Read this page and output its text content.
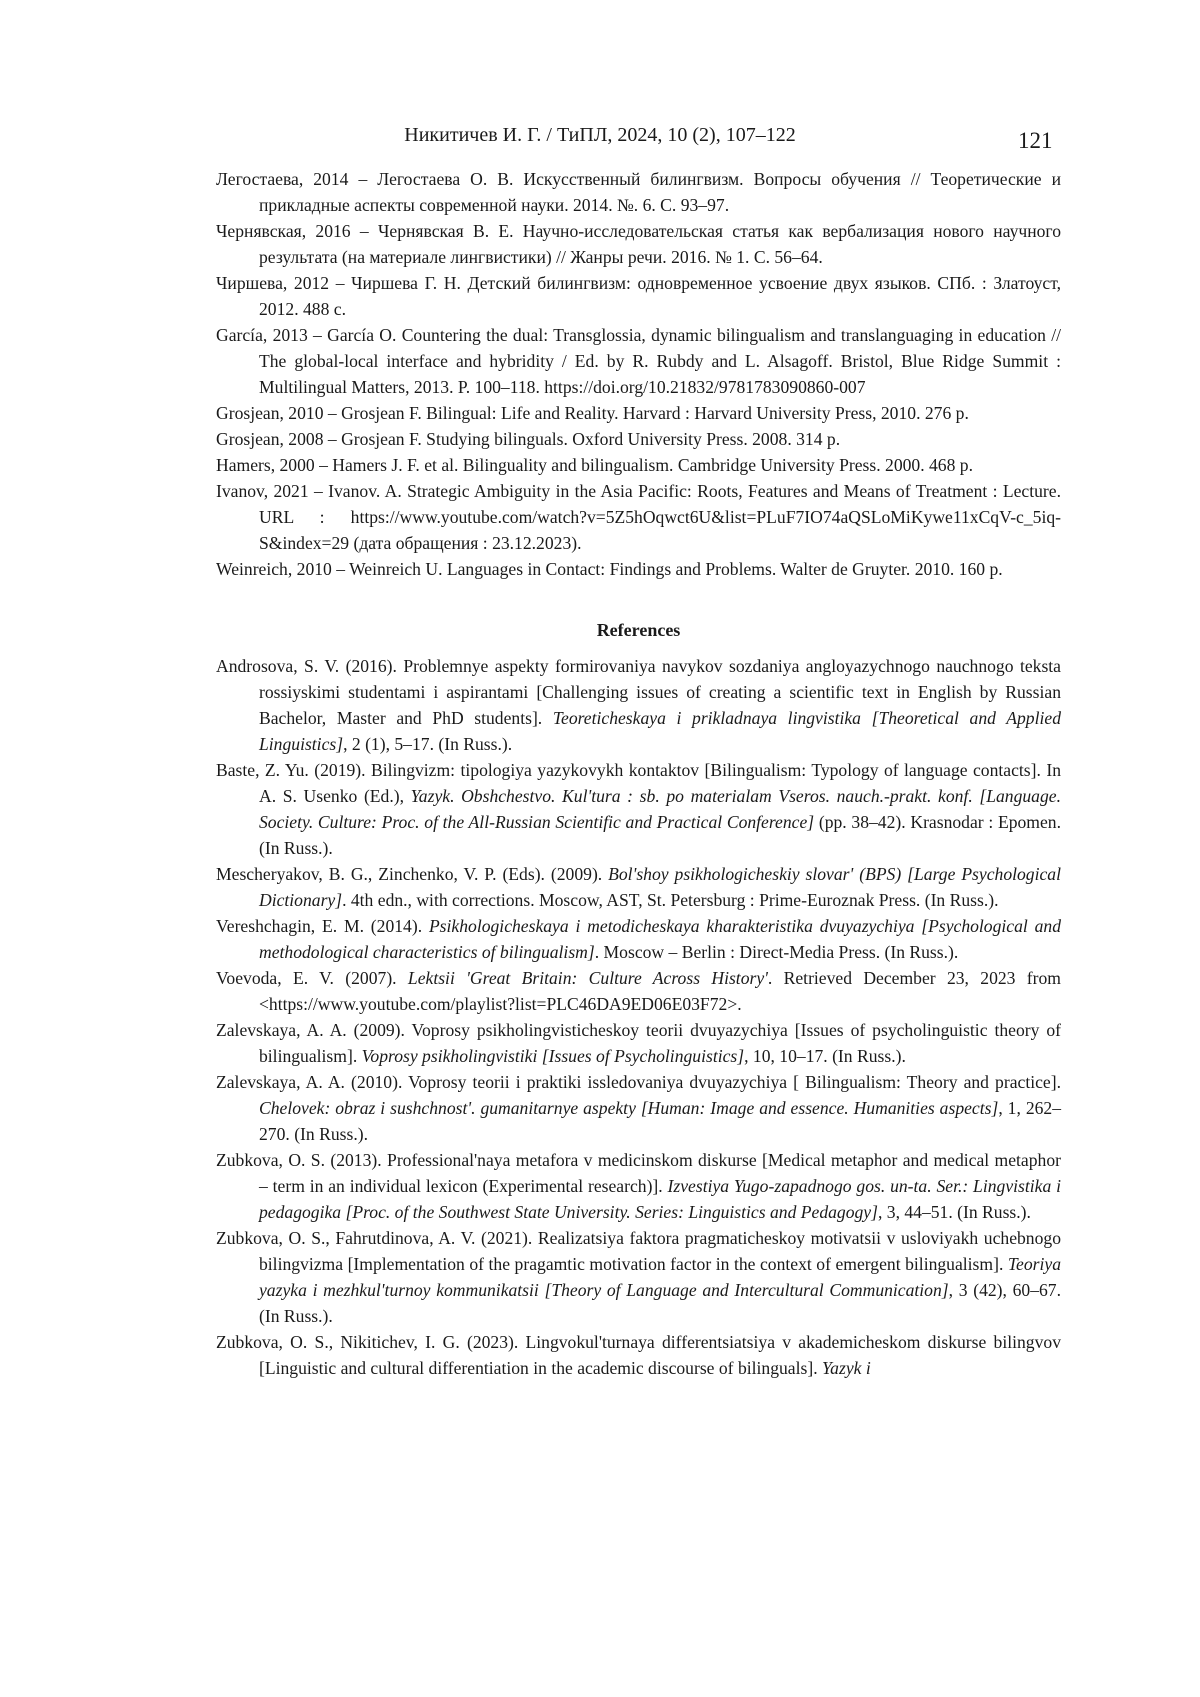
Никитичев И. Г. / ТиПЛ, 2024, 10 (2), 107–122	121

Легостаева, 2014 – Легостаева О. В. Искусственный билингвизм. Вопросы обучения // Теоретические и прикладные аспекты современной науки. 2014. №. 6. С. 93–97.

Чернявская, 2016 – Чернявская В. Е. Научно-исследовательская статья как вербализация нового научного результата (на материале лингвистики) // Жанры речи. 2016. № 1. С. 56–64.

Чиршева, 2012 – Чиршева Г. Н. Детский билингвизм: одновременное усвоение двух языков. СПб. : Златоуст, 2012. 488 с.

García, 2013 – García O. Countering the dual: Transglossia, dynamic bilingualism and translanguaging in education // The global-local interface and hybridity / Ed. by R. Rubdy and L. Alsagoff. Bristol, Blue Ridge Summit : Multilingual Matters, 2013. P. 100–118. https://doi.org/10.21832/9781783090860-007

Grosjean, 2010 – Grosjean F. Bilingual: Life and Reality. Harvard : Harvard University Press, 2010. 276 p.

Grosjean, 2008 – Grosjean F. Studying bilinguals. Oxford University Press. 2008. 314 p.

Hamers, 2000 – Hamers J. F. et al. Bilinguality and bilingualism. Cambridge University Press. 2000. 468 p.

Ivanov, 2021 – Ivanov. A. Strategic Ambiguity in the Asia Pacific: Roots, Features and Means of Treatment : Lecture. URL : https://www.youtube.com/watch?v=5Z5hOqwct6U&list=PLuF7IO74aQSLoMiKywe11xCqV-c_5iq-S&index=29 (дата обращения : 23.12.2023).

Weinreich, 2010 – Weinreich U. Languages in Contact: Findings and Problems. Walter de Gruyter. 2010. 160 p.

References

Androsova, S. V. (2016). Problemnye aspekty formirovaniya navykov sozdaniya angloyazychnogo nauchnogo teksta rossiyskimi studentami i aspirantami [Challenging issues of creating a scientific text in English by Russian Bachelor, Master and PhD students]. Teoreticheskaya i prikladnaya lingvistika [Theoretical and Applied Linguistics], 2 (1), 5–17. (In Russ.).

Baste, Z. Yu. (2019). Bilingvizm: tipologiya yazykovykh kontaktov [Bilingualism: Typology of language contacts]. In A. S. Usenko (Ed.), Yazyk. Obshchestvo. Kul'tura : sb. po materialam Vseros. nauch.-prakt. konf. [Language. Society. Culture: Proc. of the All-Russian Scientific and Practical Conference] (pp. 38–42). Krasnodar : Epomen. (In Russ.).

Mescheryakov, B. G., Zinchenko, V. P. (Eds). (2009). Bol'shoy psikhologicheskiy slovar' (BPS) [Large Psychological Dictionary]. 4th edn., with corrections. Moscow, AST, St. Petersburg : Prime-Euroznak Press. (In Russ.).

Vereshchagin, E. M. (2014). Psikhologicheskaya i metodicheskaya kharakteristika dvuyazychiya [Psychological and methodological characteristics of bilingualism]. Moscow – Berlin : Direct-Media Press. (In Russ.).

Voevoda, E. V. (2007). Lektsii 'Great Britain: Culture Across History'. Retrieved December 23, 2023 from <https://www.youtube.com/playlist?list=PLC46DA9ED06E03F72>.

Zalevskaya, A. A. (2009). Voprosy psikholingvisticheskoy teorii dvuyazychiya [Issues of psycholinguistic theory of bilingualism]. Voprosy psikholingvistiki [Issues of Psycholinguistics], 10, 10–17. (In Russ.).

Zalevskaya, A. A. (2010). Voprosy teorii i praktiki issledovaniya dvuyazychiya [ Bilingualism: Theory and practice]. Chelovek: obraz i sushchnost'. gumanitarnye aspekty [Human: Image and essence. Humanities aspects], 1, 262–270. (In Russ.).

Zubkova, O. S. (2013). Professional'naya metafora v medicinskom diskurse [Medical metaphor and medical metaphor – term in an individual lexicon (Experimental research)]. Izvestiya Yugo-zapadnogo gos. un-ta. Ser.: Lingvistika i pedagogika [Proc. of the Southwest State University. Series: Linguistics and Pedagogy], 3, 44–51. (In Russ.).

Zubkova, O. S., Fahrutdinova, A. V. (2021). Realizatsiya faktora pragmaticheskoy motivatsii v usloviyakh uchebnogo bilingvizma [Implementation of the pragamtic motivation factor in the context of emergent bilingualism]. Teoriya yazyka i mezhkul'turnoy kommunikatsii [Theory of Language and Intercultural Communication], 3 (42), 60–67. (In Russ.).

Zubkova, O. S., Nikitichev, I. G. (2023). Lingvokul'turnaya differentsiatsiya v akademicheskom diskurse bilingvov [Linguistic and cultural differentiation in the academic discourse of bilinguals]. Yazyk i
